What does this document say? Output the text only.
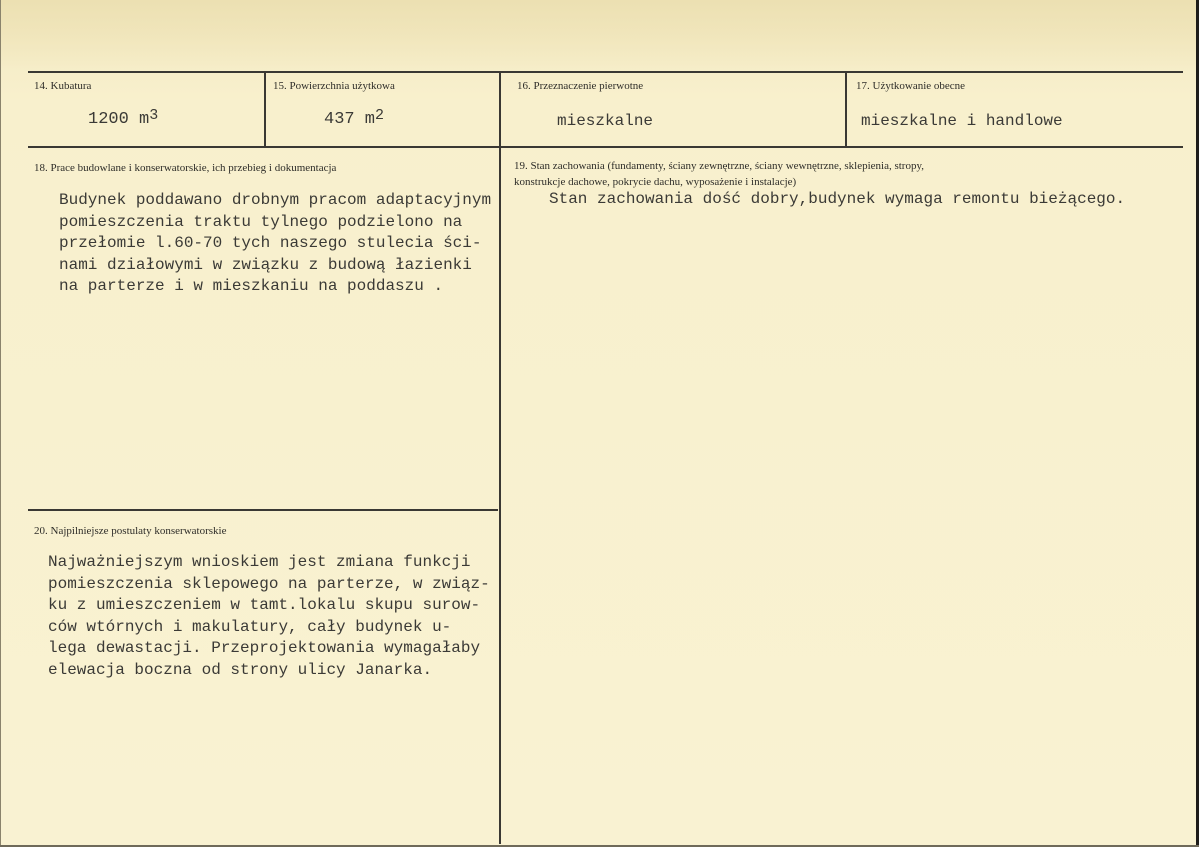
14. Kubatura
1200 $m^3$
15. Powierzchnia użytkowa
437 $m^2$
16. Przeznaczenie pierwotne
mieszkalne
17. Użytkowanie obecne
mieszkalne i handlowe
18. Prace budowlane i konserwatorskie, ich przebieg i dokumentacja
Budynek poddawano drobnym pracom adaptacyjnym
pomieszczenia traktu tylnego podzielono na
przełomie l.60-70 tych naszego stulecia ści-
nami działowymi w związku z budową łazienki
na parterze i w mieszkaniu na poddaszu .
19. Stan zachowania (fundamenty, ściany zewnętrzne, ściany wewnętrzne, sklepienia, stropy,
konstrukcje dachowe, pokrycie dachu, wyposażenie i instalacje)
Stan zachowania dość dobry,budynek wymaga remontu bieżącego.
20. Najpilniejsze postulaty konserwatorskie
Najważniejszym wnioskiem jest zmiana funkcji
pomieszczenia sklepowego na parterze, w związ-
ku z umieszczeniem w tamt.lokalu skupu surow-
ców wtórnych i makulatury, cały budynek u-
lega dewastacji. Przeprojektowania wymagałaby
elewacja boczna od strony ulicy Janarka.
